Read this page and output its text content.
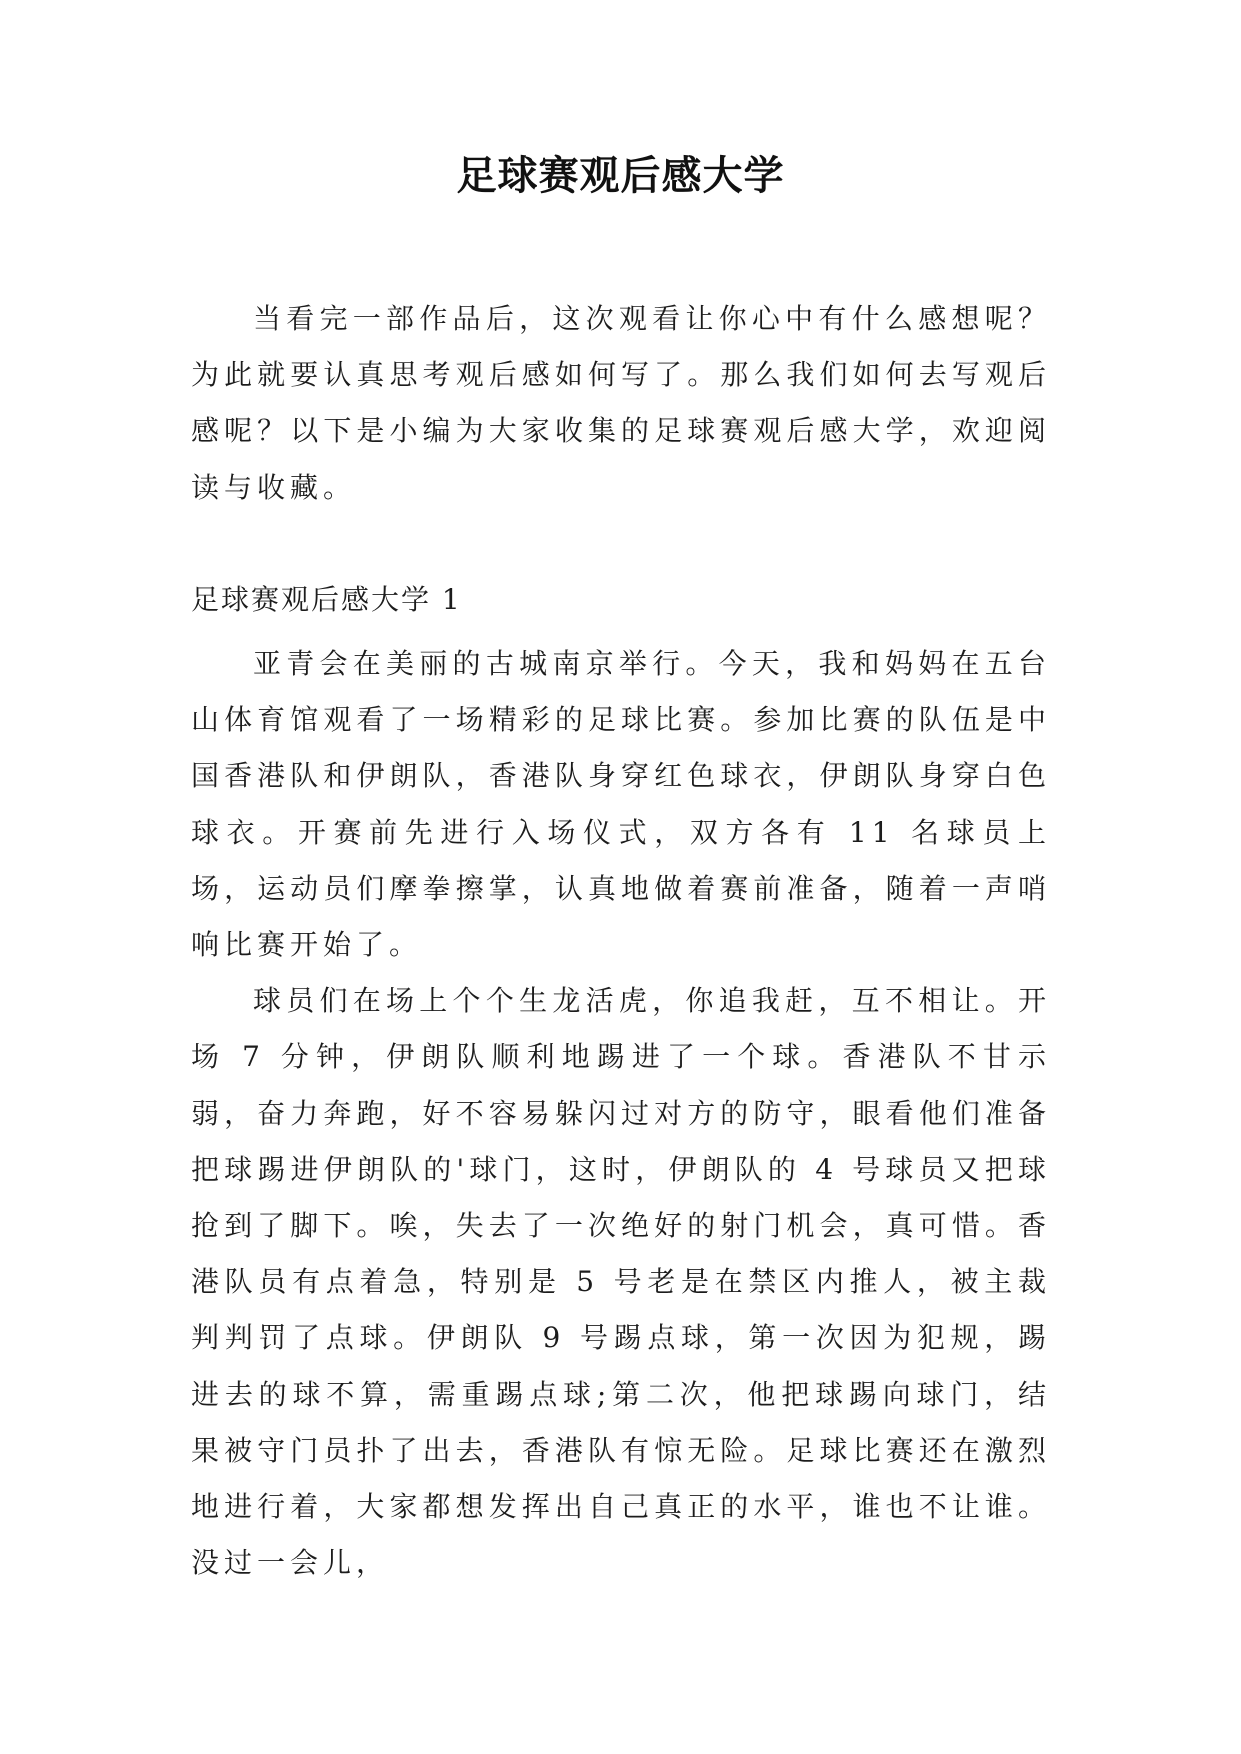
足球赛观后感大学

当看完一部作品后，这次观看让你心中有什么感想呢？为此就要认真思考观后感如何写了。那么我们如何去写观后感呢？以下是小编为大家收集的足球赛观后感大学，欢迎阅读与收藏。

足球赛观后感大学 1

亚青会在美丽的古城南京举行。今天，我和妈妈在五台山体育馆观看了一场精彩的足球比赛。参加比赛的队伍是中国香港队和伊朗队，香港队身穿红色球衣，伊朗队身穿白色球衣。开赛前先进行入场仪式，双方各有 11 名球员上场，运动员们摩拳擦掌，认真地做着赛前准备，随着一声哨响比赛开始了。

球员们在场上个个生龙活虎，你追我赶，互不相让。开场 7 分钟，伊朗队顺利地踢进了一个球。香港队不甘示弱，奋力奔跑，好不容易躲闪过对方的防守，眼看他们准备把球踢进伊朗队的'球门，这时，伊朗队的 4 号球员又把球抢到了脚下。唉，失去了一次绝好的射门机会，真可惜。香港队员有点着急，特别是 5 号老是在禁区内推人，被主裁判判罚了点球。伊朗队 9 号踢点球，第一次因为犯规，踢进去的球不算，需重踢点球;第二次，他把球踢向球门，结果被守门员扑了出去，香港队有惊无险。足球比赛还在激烈地进行着，大家都想发挥出自己真正的水平，谁也不让谁。没过一会儿，
